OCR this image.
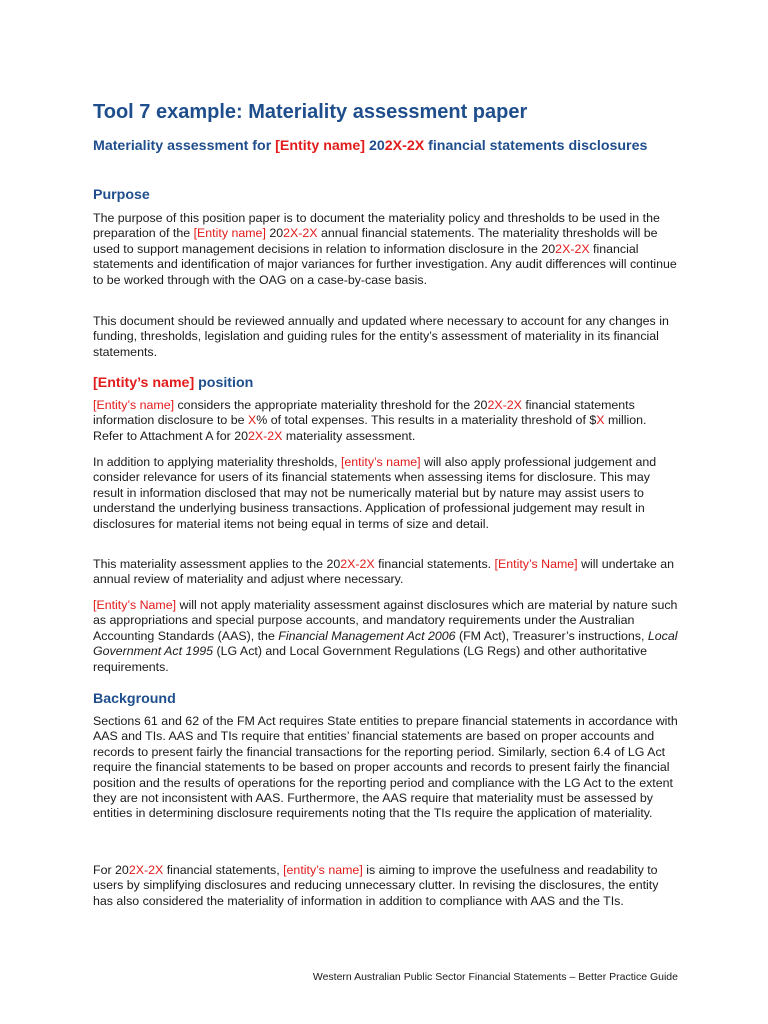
Tool 7 example: Materiality assessment paper
Materiality assessment for [Entity name] 202X-2X financial statements disclosures
Purpose

The purpose of this position paper is to document the materiality policy and thresholds to be used in the preparation of the [Entity name] 202X-2X annual financial statements. The materiality thresholds will be used to support management decisions in relation to information disclosure in the 202X-2X financial statements and identification of major variances for further investigation. Any audit differences will continue to be worked through with the OAG on a case-by-case basis.

This document should be reviewed annually and updated where necessary to account for any changes in funding, thresholds, legislation and guiding rules for the entity’s assessment of materiality in its financial statements.

[Entity’s name] position

[Entity’s name] considers the appropriate materiality threshold for the 202X-2X financial statements information disclosure to be X% of total expenses. This results in a materiality threshold of $X million. Refer to Attachment A for 202X-2X materiality assessment.

In addition to applying materiality thresholds, [entity’s name] will also apply professional judgement and consider relevance for users of its financial statements when assessing items for disclosure. This may result in information disclosed that may not be numerically material but by nature may assist users to understand the underlying business transactions. Application of professional judgement may result in disclosures for material items not being equal in terms of size and detail.

This materiality assessment applies to the 202X-2X financial statements. [Entity’s Name] will undertake an annual review of materiality and adjust where necessary.

[Entity’s Name] will not apply materiality assessment against disclosures which are material by nature such as appropriations and special purpose accounts, and mandatory requirements under the Australian Accounting Standards (AAS), the Financial Management Act 2006 (FM Act), Treasurer’s instructions, Local Government Act 1995 (LG Act) and Local Government Regulations (LG Regs) and other authoritative requirements.

Background

Sections 61 and 62 of the FM Act requires State entities to prepare financial statements in accordance with AAS and TIs. AAS and TIs require that entities’ financial statements are based on proper accounts and records to present fairly the financial transactions for the reporting period. Similarly, section 6.4 of LG Act require the financial statements to be based on proper accounts and records to present fairly the financial position and the results of operations for the reporting period and compliance with the LG Act to the extent they are not inconsistent with AAS. Furthermore, the AAS require that materiality must be assessed by entities in determining disclosure requirements noting that the TIs require the application of materiality.

For 202X-2X financial statements, [entity’s name] is aiming to improve the usefulness and readability to users by simplifying disclosures and reducing unnecessary clutter. In revising the disclosures, the entity has also considered the materiality of information in addition to compliance with AAS and the TIs.

Western Australian Public Sector Financial Statements – Better Practice Guide
